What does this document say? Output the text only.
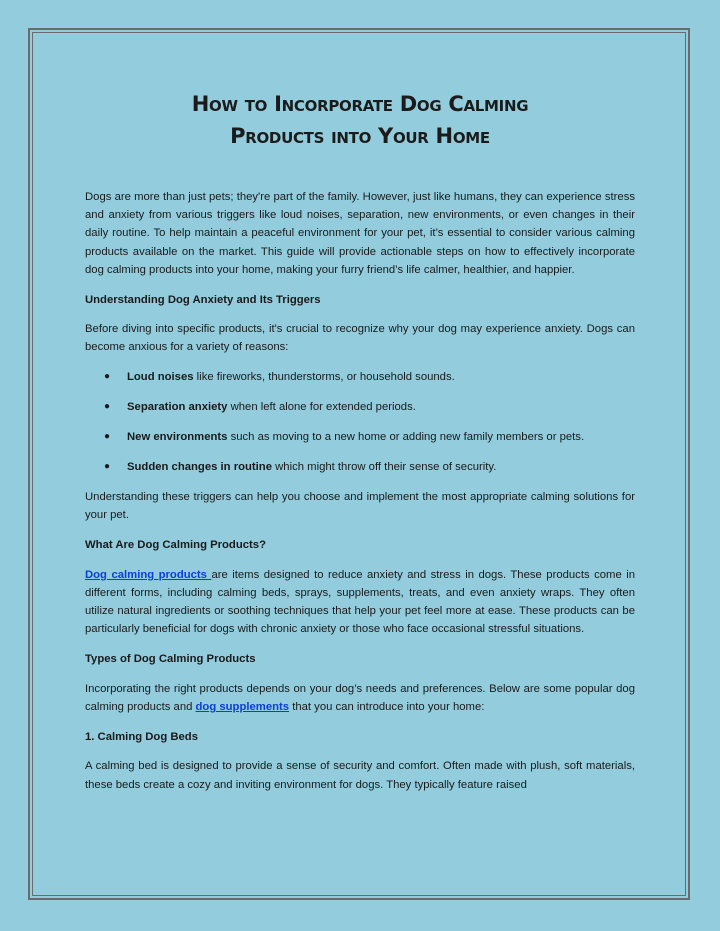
How to Incorporate Dog Calming
Products into Your Home

Dogs are more than just pets; they're part of the family. However, just like humans, they can experience stress and anxiety from various triggers like loud noises, separation, new environments, or even changes in their daily routine. To help maintain a peaceful environment for your pet, it’s essential to consider various calming products available on the market. This guide will provide actionable steps on how to effectively incorporate dog calming products into your home, making your furry friend’s life calmer, healthier, and happier.

Understanding Dog Anxiety and Its Triggers

Before diving into specific products, it's crucial to recognize why your dog may experience anxiety. Dogs can become anxious for a variety of reasons:

● Loud noises like fireworks, thunderstorms, or household sounds.
● Separation anxiety when left alone for extended periods.
● New environments such as moving to a new home or adding new family members or pets.
● Sudden changes in routine which might throw off their sense of security.

Understanding these triggers can help you choose and implement the most appropriate calming solutions for your pet.

What Are Dog Calming Products?

Dog calming products are items designed to reduce anxiety and stress in dogs. These products come in different forms, including calming beds, sprays, supplements, treats, and even anxiety wraps. They often utilize natural ingredients or soothing techniques that help your pet feel more at ease. These products can be particularly beneficial for dogs with chronic anxiety or those who face occasional stressful situations.

Types of Dog Calming Products

Incorporating the right products depends on your dog’s needs and preferences. Below are some popular dog calming products and dog supplements that you can introduce into your home:

1. Calming Dog Beds

A calming bed is designed to provide a sense of security and comfort. Often made with plush, soft materials, these beds create a cozy and inviting environment for dogs. They typically feature raised
